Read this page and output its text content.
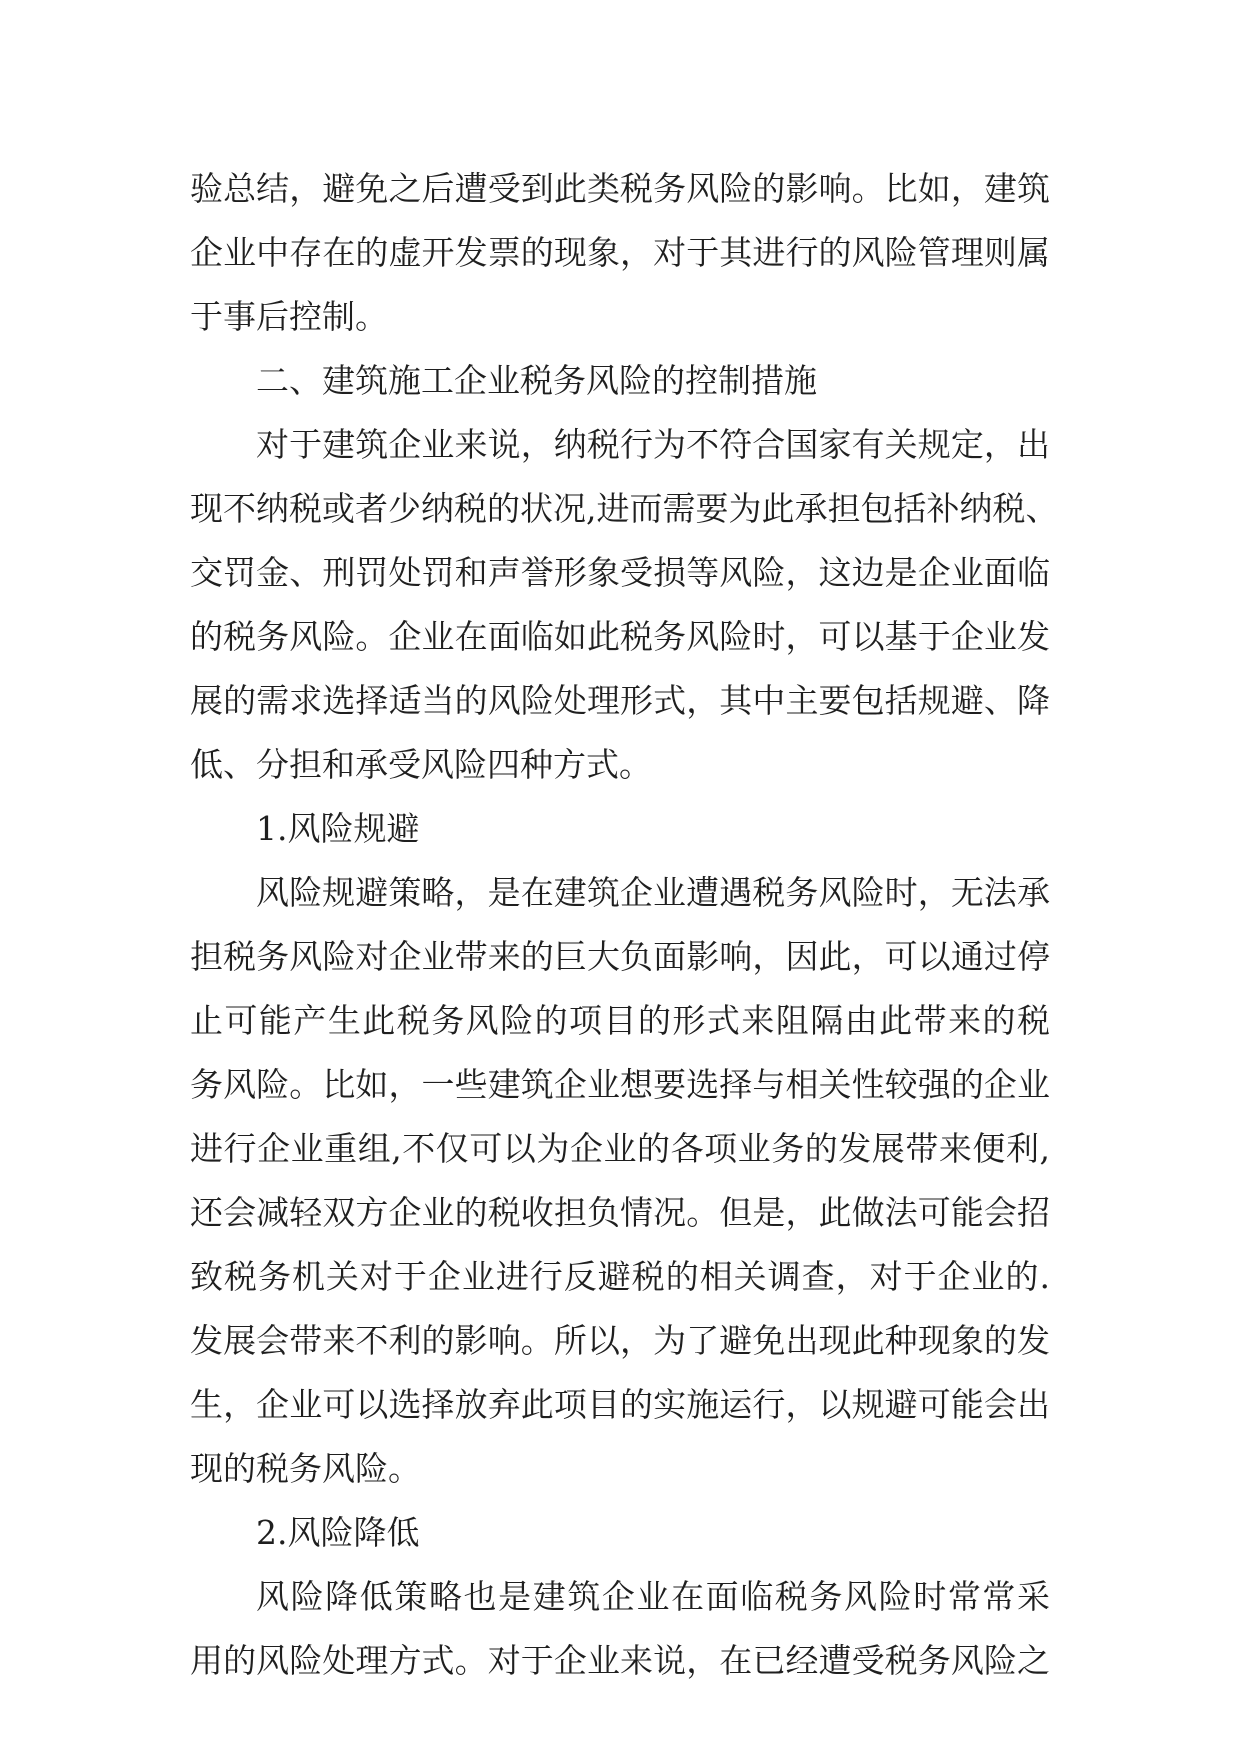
验总结，避免之后遭受到此类税务风险的影响。比如，建筑
企业中存在的虚开发票的现象，对于其进行的风险管理则属
于事后控制。
二、建筑施工企业税务风险的控制措施
对于建筑企业来说，纳税行为不符合国家有关规定，出
现不纳税或者少纳税的状况,进而需要为此承担包括补纳税、
交罚金、刑罚处罚和声誉形象受损等风险，这边是企业面临
的税务风险。企业在面临如此税务风险时，可以基于企业发
展的需求选择适当的风险处理形式，其中主要包括规避、降
低、分担和承受风险四种方式。
1.风险规避
风险规避策略，是在建筑企业遭遇税务风险时，无法承
担税务风险对企业带来的巨大负面影响，因此，可以通过停
止可能产生此税务风险的项目的形式来阻隔由此带来的税
务风险。比如，一些建筑企业想要选择与相关性较强的企业
进行企业重组,不仅可以为企业的各项业务的发展带来便利,
还会减轻双方企业的税收担负情况。但是，此做法可能会招
致税务机关对于企业进行反避税的相关调查，对于企业的.
发展会带来不利的影响。所以，为了避免出现此种现象的发
生，企业可以选择放弃此项目的实施运行，以规避可能会出
现的税务风险。
2.风险降低
风险降低策略也是建筑企业在面临税务风险时常常采
用的风险处理方式。对于企业来说，在已经遭受税务风险之
